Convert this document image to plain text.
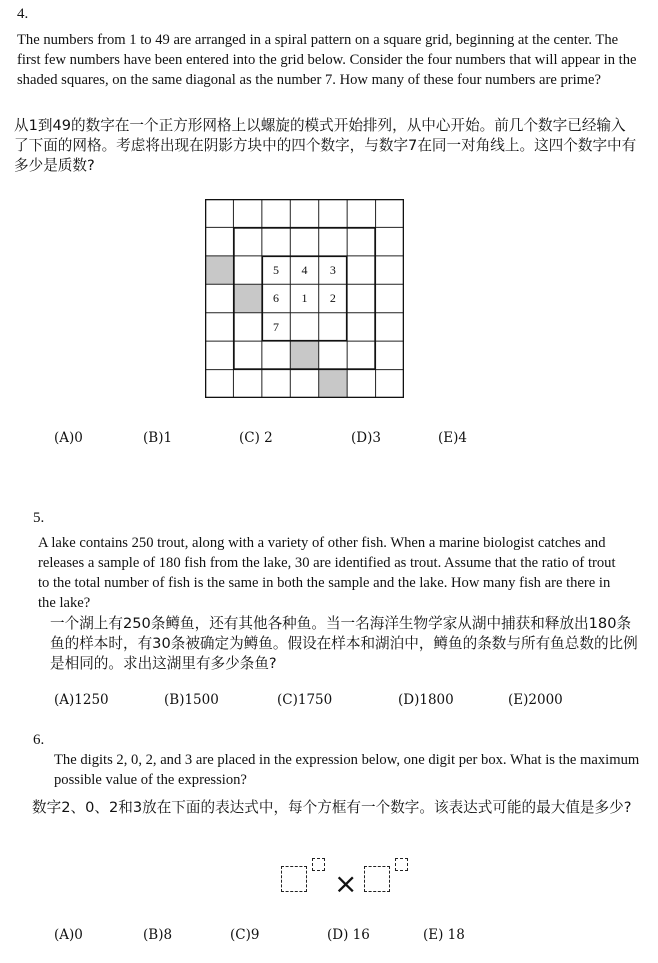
4.
The numbers from 1 to 49 are arranged in a spiral pattern on a square grid, beginning at the center. The first few numbers have been entered into the grid below. Consider the four numbers that will appear in the shaded squares, on the same diagonal as the number 7. How many of these four numbers are prime?
从1到49的数字在一个正方形网格上以螺旋的模式开始排列，从中心开始。前几个数字已经输入了下面的网格。考虑将出现在阴影方块中的四个数字，与数字7在同一对角线上。这四个数字中有多少是质数?
5	4	3
6	1	2
7
(A)0	(B)1	(C) 2	(D)3	(E)4
5.
A lake contains 250 trout, along with a variety of other fish. When a marine biologist catches and releases a sample of 180 fish from the lake, 30 are identified as trout. Assume that the ratio of trout to the total number of fish is the same in both the sample and the lake. How many fish are there in the lake?
一个湖上有250条鳟鱼，还有其他各种鱼。当一名海洋生物学家从湖中捕获和释放出180条鱼的样本时，有30条被确定为鳟鱼。假设在样本和湖泊中，鳟鱼的条数与所有鱼总数的比例是相同的。求出这湖里有多少条鱼?
(A)1250	(B)1500	(C)1750	(D)1800	(E)2000
6.
The digits 2, 0, 2, and 3 are placed in the expression below, one digit per box. What is the maximum possible value of the expression?
数字2、0、2和3放在下面的表达式中，每个方框有一个数字。该表达式可能的最大值是多少?
×
(A)0	(B)8	(C)9	(D) 16	(E) 18
